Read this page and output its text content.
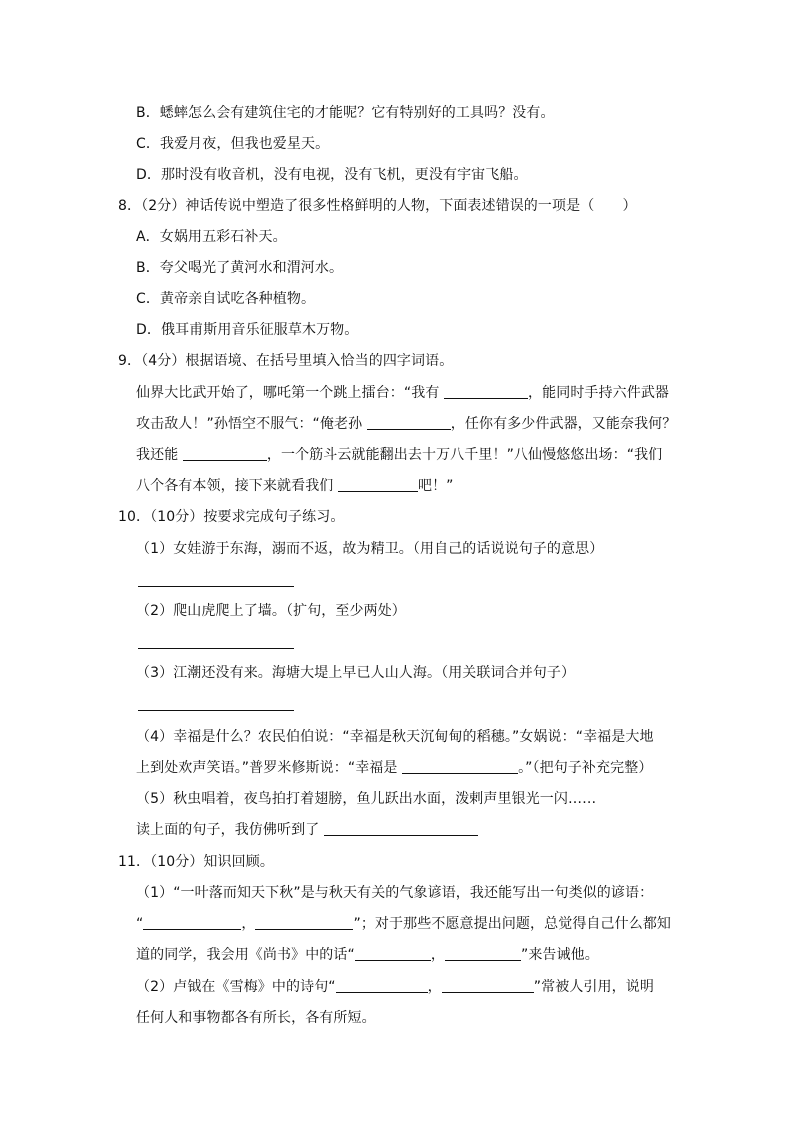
B．蟋蟀怎么会有建筑住宅的才能呢？它有特别好的工具吗？没有。
C．我爱月夜，但我也爱星天。
D．那时没有收音机，没有电视，没有飞机，更没有宇宙飞船。
8．（2分）神话传说中塑造了很多性格鲜明的人物，下面表述错误的一项是（　　）
A．女娲用五彩石补天。
B．夸父喝光了黄河水和渭河水。
C．黄帝亲自试吃各种植物。
D．俄耳甫斯用音乐征服草木万物。
9．（4分）根据语境、在括号里填入恰当的四字词语。
仙界大比武开始了，哪吒第一个跳上擂台：“我有	，能同时手持六件武器
攻击敌人！”孙悟空不服气：“俺老孙	，任你有多少件武器，又能奈我何？
我还能	，一个筋斗云就能翻出去十万八千里！”八仙慢悠悠出场：“我们
八个各有本领，接下来就看我们	吧！”
10．（10分）按要求完成句子练习。
（1）女娃游于东海，溺而不返，故为精卫。（用自己的话说说句子的意思）
（2）爬山虎爬上了墙。（扩句，至少两处）
（3）江潮还没有来。海塘大堤上早已人山人海。（用关联词合并句子）
（4）幸福是什么？农民伯伯说：“幸福是秋天沉甸甸的稻穗。”女娲说：“幸福是大地
上到处欢声笑语。”普罗米修斯说：“幸福是	。”（把句子补充完整）
（5）秋虫唱着，夜鸟拍打着翅膀，鱼儿跃出水面，泼剌声里银光一闪……
读上面的句子，我仿佛听到了
11．（10分）知识回顾。
（1）“一叶落而知天下秋”是与秋天有关的气象谚语，我还能写出一句类似的谚语：
“	，	”；对于那些不愿意提出问题，总觉得自己什么都知
道的同学，我会用《尚书》中的话“	，	”来告诫他。
（2）卢钺在《雪梅》中的诗句“	，	”常被人引用，说明
任何人和事物都各有所长，各有所短。
